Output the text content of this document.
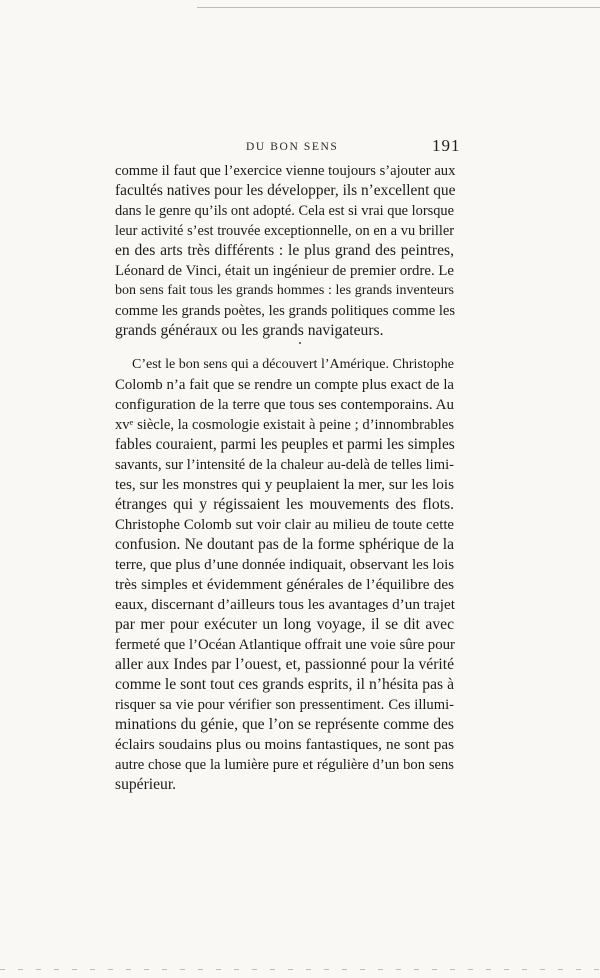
DU BON SENS	191
comme il faut que l’exercice vienne toujours s’ajouter aux
facultés natives pour les développer, ils n’excellent que
dans le genre qu’ils ont adopté. Cela est si vrai que lorsque
leur activité s’est trouvée exceptionnelle, on en a vu briller
en des arts très différents : le plus grand des peintres,
Léonard de Vinci, était un ingénieur de premier ordre. Le
bon sens fait tous les grands hommes : les grands inventeurs
comme les grands poètes, les grands politiques comme les
grands généraux ou les grands navigateurs.
C’est le bon sens qui a découvert l’Amérique. Christophe
Colomb n’a fait que se rendre un compte plus exact de la
configuration de la terre que tous ses contemporains. Au
xvᵉ siècle, la cosmologie existait à peine ; d’innombrables
fables couraient, parmi les peuples et parmi les simples
savants, sur l’intensité de la chaleur au-delà de telles limi-
tes, sur les monstres qui y peuplaient la mer, sur les lois
étranges qui y régissaient les mouvements des flots.
Christophe Colomb sut voir clair au milieu de toute cette
confusion. Ne doutant pas de la forme sphérique de la
terre, que plus d’une donnée indiquait, observant les lois
très simples et évidemment générales de l’équilibre des
eaux, discernant d’ailleurs tous les avantages d’un trajet
par mer pour exécuter un long voyage, il se dit avec
fermeté que l’Océan Atlantique offrait une voie sûre pour
aller aux Indes par l’ouest, et, passionné pour la vérité
comme le sont tout ces grands esprits, il n’hésita pas à
risquer sa vie pour vérifier son pressentiment. Ces illumi-
minations du génie, que l’on se représente comme des
éclairs soudains plus ou moins fantastiques, ne sont pas
autre chose que la lumière pure et régulière d’un bon sens
supérieur.
